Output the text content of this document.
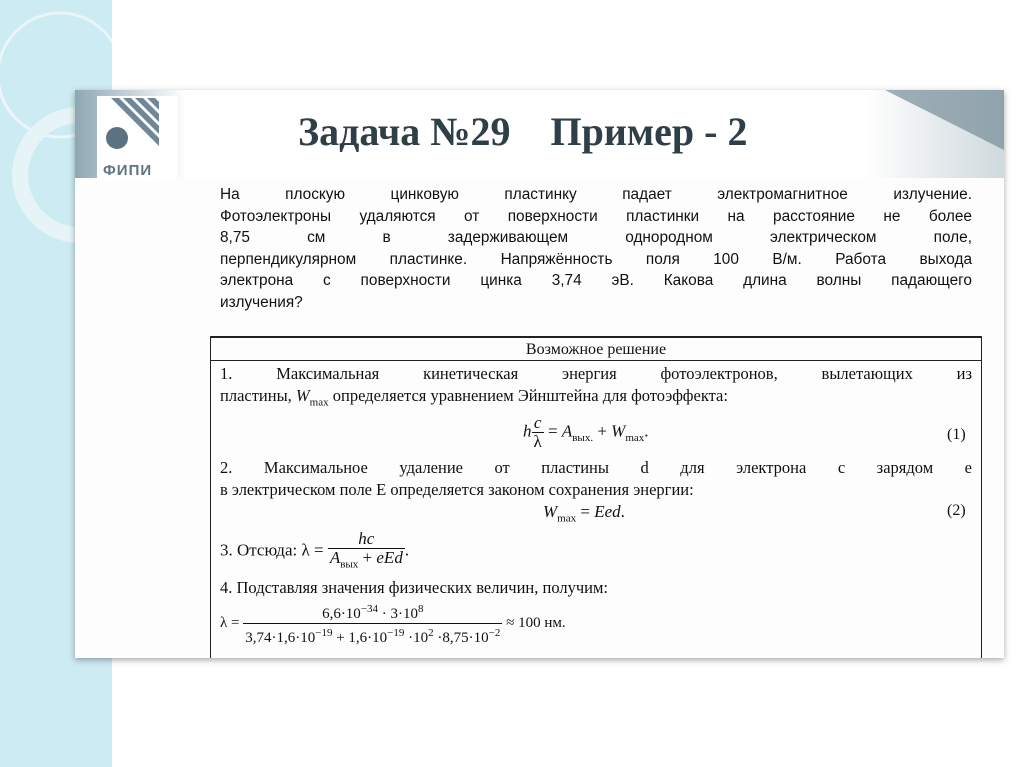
ФИПИ
Задача №29    Пример - 2
На плоскую цинковую пластинку падает электромагнитное излучение.
Фотоэлектроны удаляются от поверхности пластинки на расстояние не более
8,75 см в задерживающем однородном электрическом поле,
перпендикулярном пластинке. Напряжённость поля 100 В/м. Работа выхода
электрона с поверхности цинка 3,74 эВ. Какова длина волны падающего
излучения?
Возможное решение
1. Максимальная кинетическая энергия фотоэлектронов, вылетающих из
пластины, $W_{max}$ определяется уравнением Эйнштейна для фотоэффекта:
h $\frac{c}{\lambda} = A_{вых.} + W_{max}$.	(1)
2. Максимальное удаление от пластины d для электрона с зарядом e
в электрическом поле E определяется законом сохранения энергии:
$W_{max}$ = Eed.	(2)
3. Отсюда: $\lambda = \frac{hc}{A_{вых} + eEd}$ .
4. Подставляя значения физических величин, получим:
$\lambda = \frac{6,6\cdot 10^{-34} \cdot 3\cdot 10^8}{3,74\cdot 1,6\cdot 10^{-19} + 1,6\cdot 10^{-19} \cdot 10^2 \cdot 8,75\cdot 10^{-2}} \approx 100$ нм.
